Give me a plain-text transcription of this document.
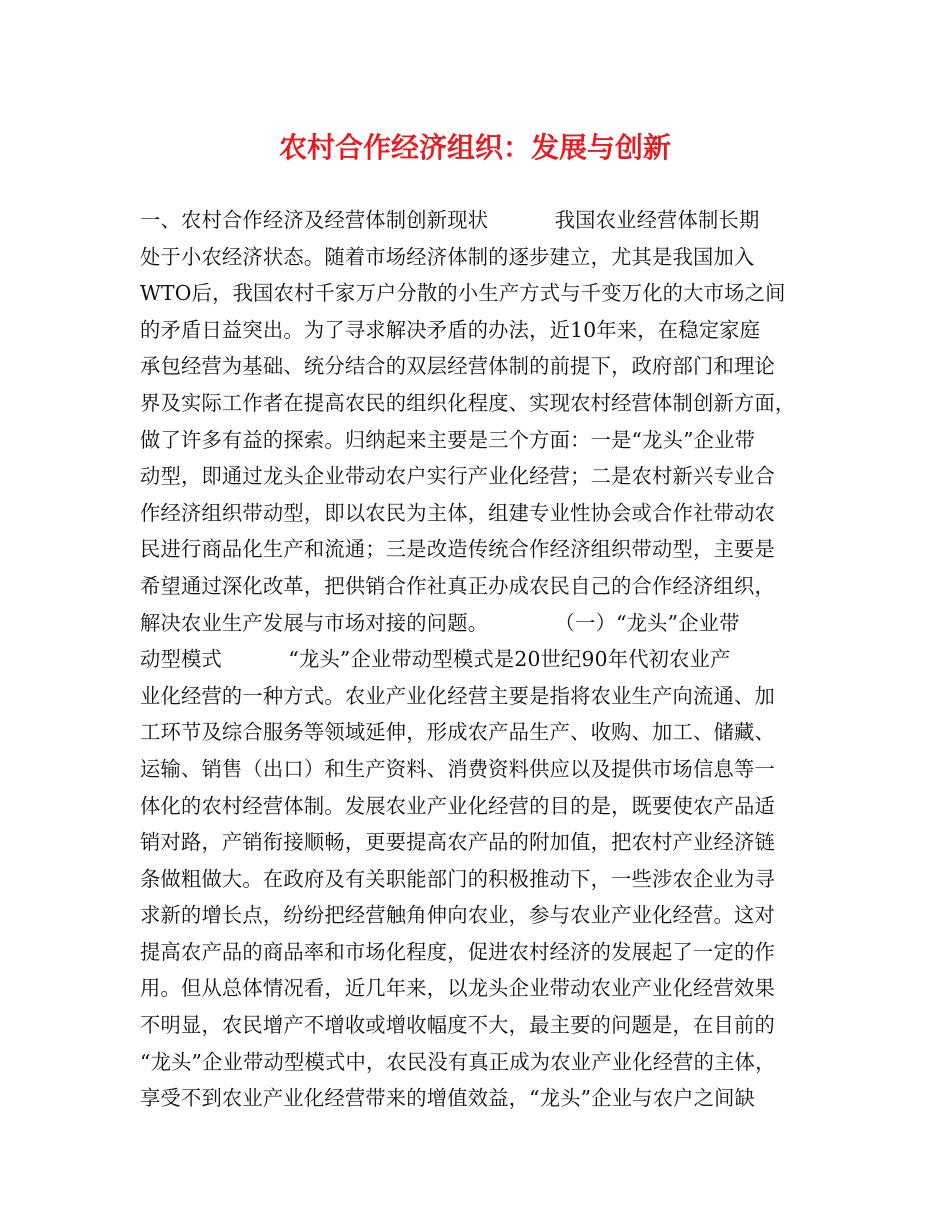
农村合作经济组织：发展与创新
一、农村合作经济及经营体制创新现状          我国农业经营体制长期
处于小农经济状态。随着市场经济体制的逐步建立，尤其是我国加入
WTO后，我国农村千家万户分散的小生产方式与千变万化的大市场之间
的矛盾日益突出。为了寻求解决矛盾的办法，近10年来，在稳定家庭
承包经营为基础、统分结合的双层经营体制的前提下，政府部门和理论
界及实际工作者在提高农民的组织化程度、实现农村经营体制创新方面，
做了许多有益的探索。归纳起来主要是三个方面：一是“龙头”企业带
动型，即通过龙头企业带动农户实行产业化经营；二是农村新兴专业合
作经济组织带动型，即以农民为主体，组建专业性协会或合作社带动农
民进行商品化生产和流通；三是改造传统合作经济组织带动型，主要是
希望通过深化改革，把供销合作社真正办成农民自己的合作经济组织，
解决农业生产发展与市场对接的问题。          （一）“龙头”企业带
动型模式          “龙头”企业带动型模式是20世纪90年代初农业产
业化经营的一种方式。农业产业化经营主要是指将农业生产向流通、加
工环节及综合服务等领域延伸，形成农产品生产、收购、加工、储藏、
运输、销售（出口）和生产资料、消费资料供应以及提供市场信息等一
体化的农村经营体制。发展农业产业化经营的目的是，既要使农产品适
销对路，产销衔接顺畅，更要提高农产品的附加值，把农村产业经济链
条做粗做大。在政府及有关职能部门的积极推动下，一些涉农企业为寻
求新的增长点，纷纷把经营触角伸向农业，参与农业产业化经营。这对
提高农产品的商品率和市场化程度，促进农村经济的发展起了一定的作
用。但从总体情况看，近几年来，以龙头企业带动农业产业化经营效果
不明显，农民增产不增收或增收幅度不大，最主要的问题是，在目前的
“龙头”企业带动型模式中，农民没有真正成为农业产业化经营的主体，
享受不到农业产业化经营带来的增值效益，“龙头”企业与农户之间缺
